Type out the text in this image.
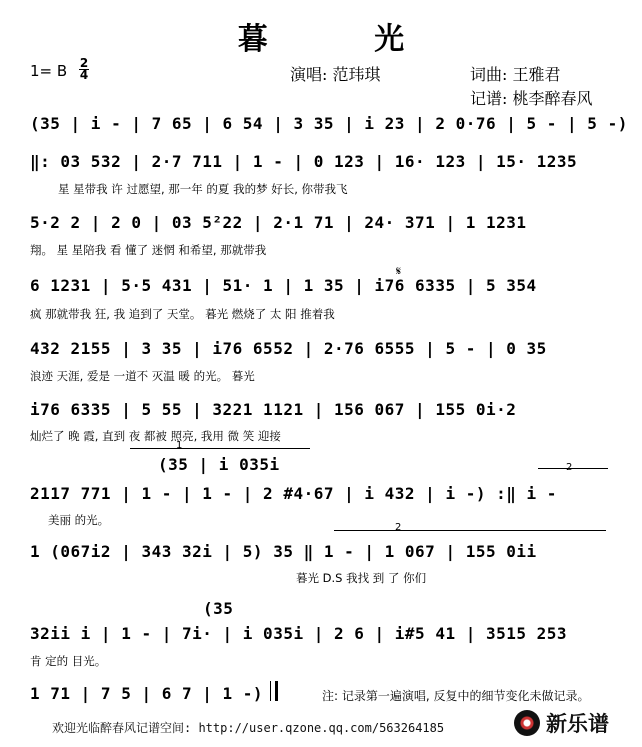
暮 光
1= B 2
4	演唱: 范玮琪	词曲: 王雅君
记谱: 桃李醉春风
(35 | i - | 7 65 | 6 54 | 3 35 | i 23 | 2 0·76 | 5 - | 5 -)
‖: 03 532 | 2·7 711 | 1 - | 0 123 | 16· 123 | 15· 1235
星 星带我 许 过愿望, 那一年 的夏 我的梦 好长, 你带我飞
5·2 2 | 2 0 | 03 5²22 | 2·1 71 | 24· 371 | 1 1231
翔。 星 星陪我 看 懂了 迷惘 和希望, 那就带我
𝄋
6 1231 | 5·5 431 | 51· 1 | 1 35 | i76 6335 | 5 354
疯 那就带我 狂, 我 追到了 天堂。 暮光 燃烧了 太 阳 推着我
432 2155 | 3 35 | i76 6552 | 2·76 6555 | 5 - | 0 35
浪迹 天涯, 爱是 一道不 灭温 暖 的光。 暮光
i76 6335 | 5 55 | 3221 1121 | 156 067 | 155 0i·2
灿烂了 晚 霞, 直到 夜 都被 照亮, 我用 微 笑 迎接
1
(35 | i 035i	2
2117 771 | 1 - | 1 - | 2 #4·67 | i 432 | i -) :‖ i -
美丽 的光。
2
1 (067i2 | 343 32i | 5) 35 ‖ 1 - | 1 067 | 155 0ii
暮光 D.S 我找 到 了 你们
(35
32ii i | 1 - | 7i· | i 035i | 2 6 | i#5 41 | 3515 253
肯 定的 目光。
1 71 | 7 5 | 6 7 | 1 -)	注: 记录第一遍演唱, 反复中的细节变化未做记录。
欢迎光临醉春风记谱空间: http://user.qzone.qq.com/563264185	新乐谱
